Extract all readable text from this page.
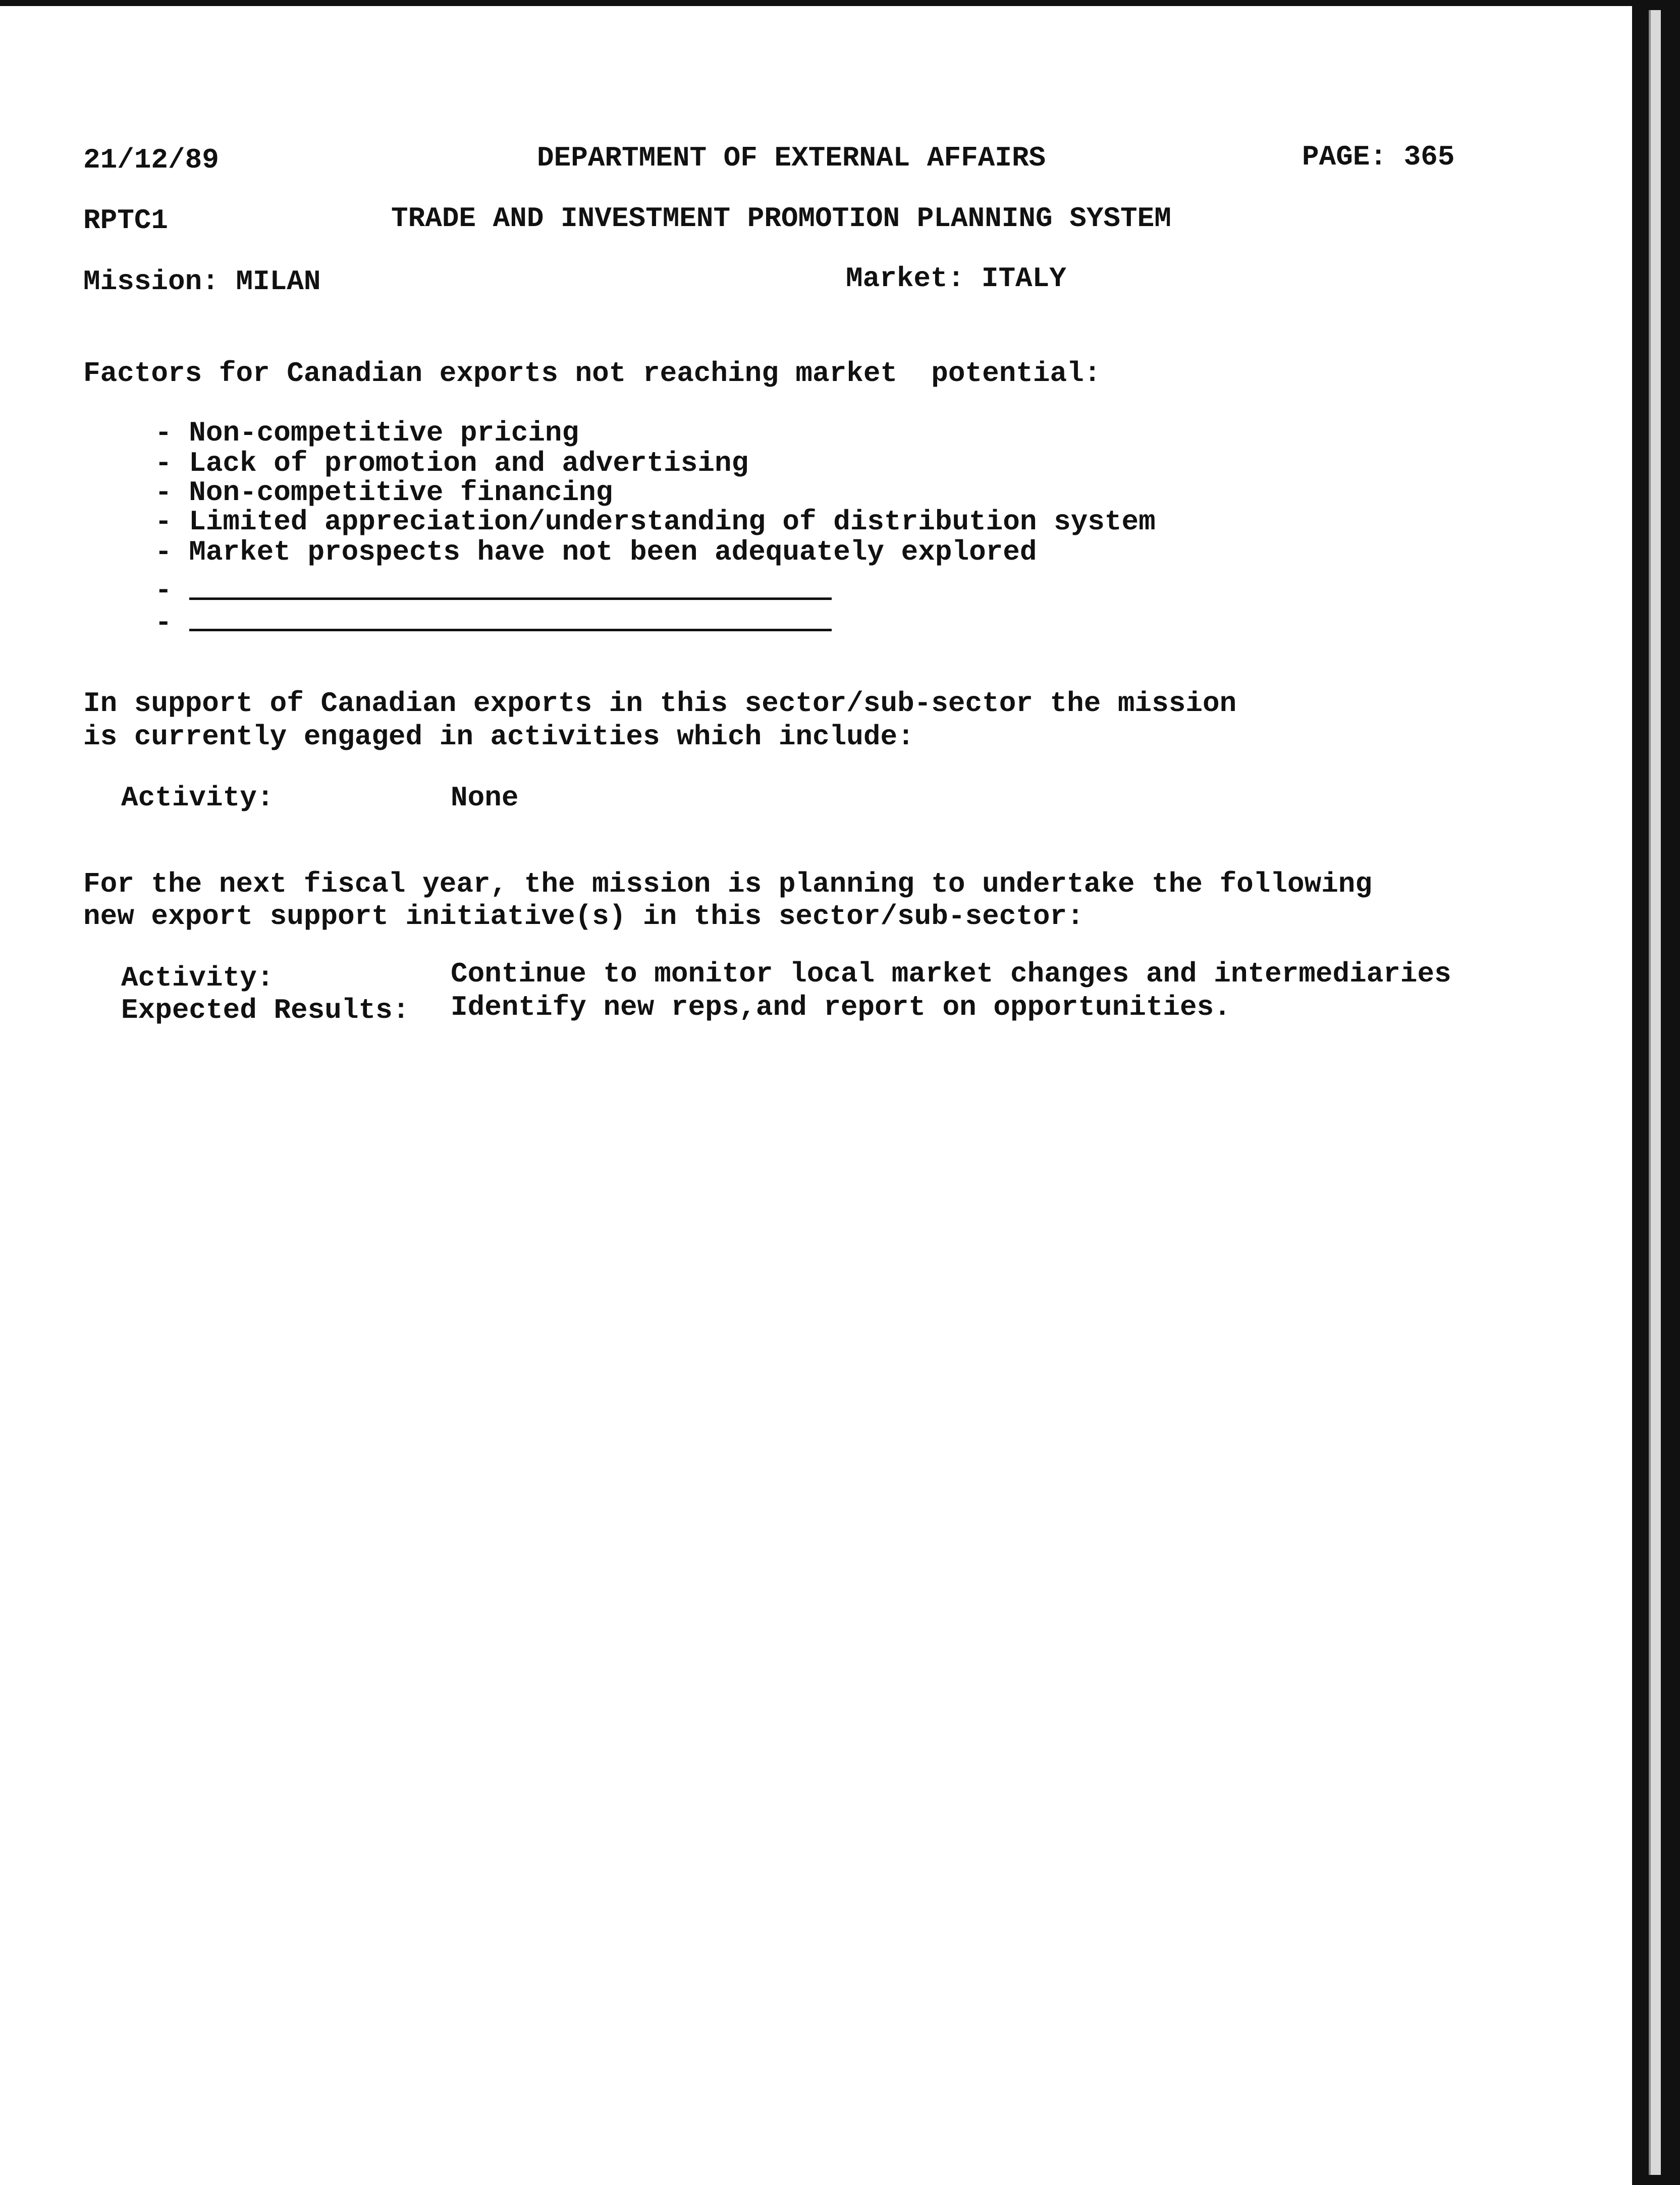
21/12/89	DEPARTMENT OF EXTERNAL AFFAIRS	PAGE: 365
RPTC1	TRADE AND INVESTMENT PROMOTION PLANNING SYSTEM
Mission: MILAN	Market: ITALY
Factors for Canadian exports not reaching market  potential:
- Non-competitive pricing
- Lack of promotion and advertising
- Non-competitive financing
- Limited appreciation/understanding of distribution system
- Market prospects have not been adequately explored
-
-
In support of Canadian exports in this sector/sub-sector the mission
is currently engaged in activities which include:
Activity:	None
For the next fiscal year, the mission is planning to undertake the following
new export support initiative(s) in this sector/sub-sector:
Activity:	Continue to monitor local market changes and intermediaries
Expected Results: Identify new reps,and report on opportunities.
